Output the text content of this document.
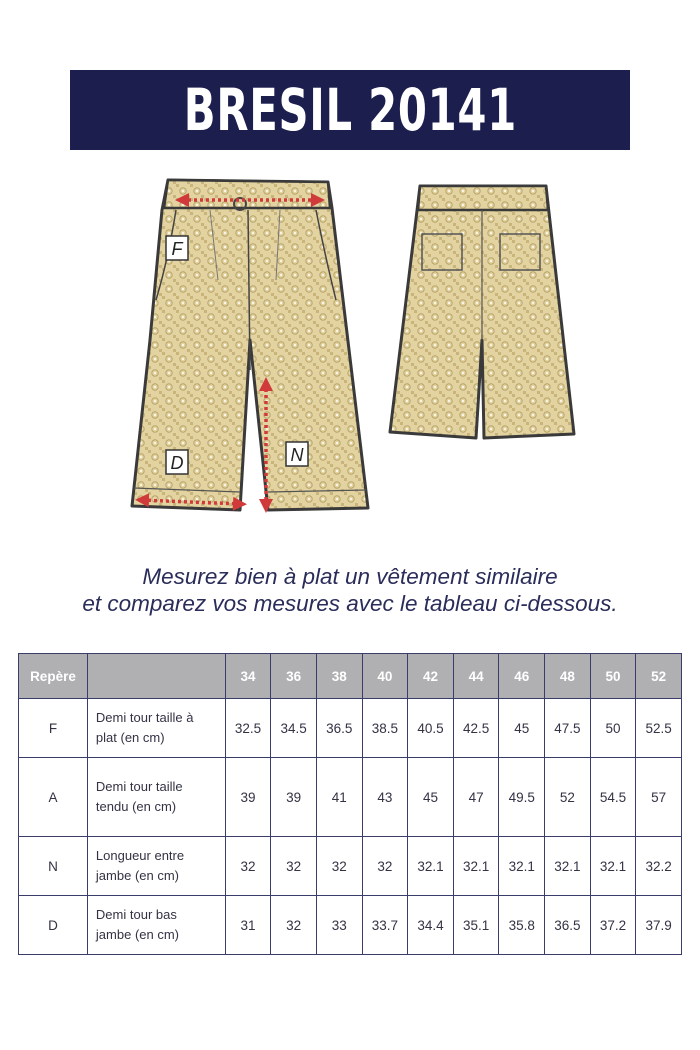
BRESIL 20141
F
D	N
Mesurez bien à plat un vêtement similaire
et comparez vos mesures avec le tableau ci-dessous.
Repère		34	36	38	40	42	44	46	48	50	52
F	Demi tour taille à
plat (en cm)	32.5	34.5	36.5	38.5	40.5	42.5	45	47.5	50	52.5
A	Demi tour taille
tendu (en cm)	39	39	41	43	45	47	49.5	52	54.5	57
N	Longueur entre
jambe (en cm)	32	32	32	32	32.1	32.1	32.1	32.1	32.1	32.2
D	Demi tour bas
jambe (en cm)	31	32	33	33.7	34.4	35.1	35.8	36.5	37.2	37.9
